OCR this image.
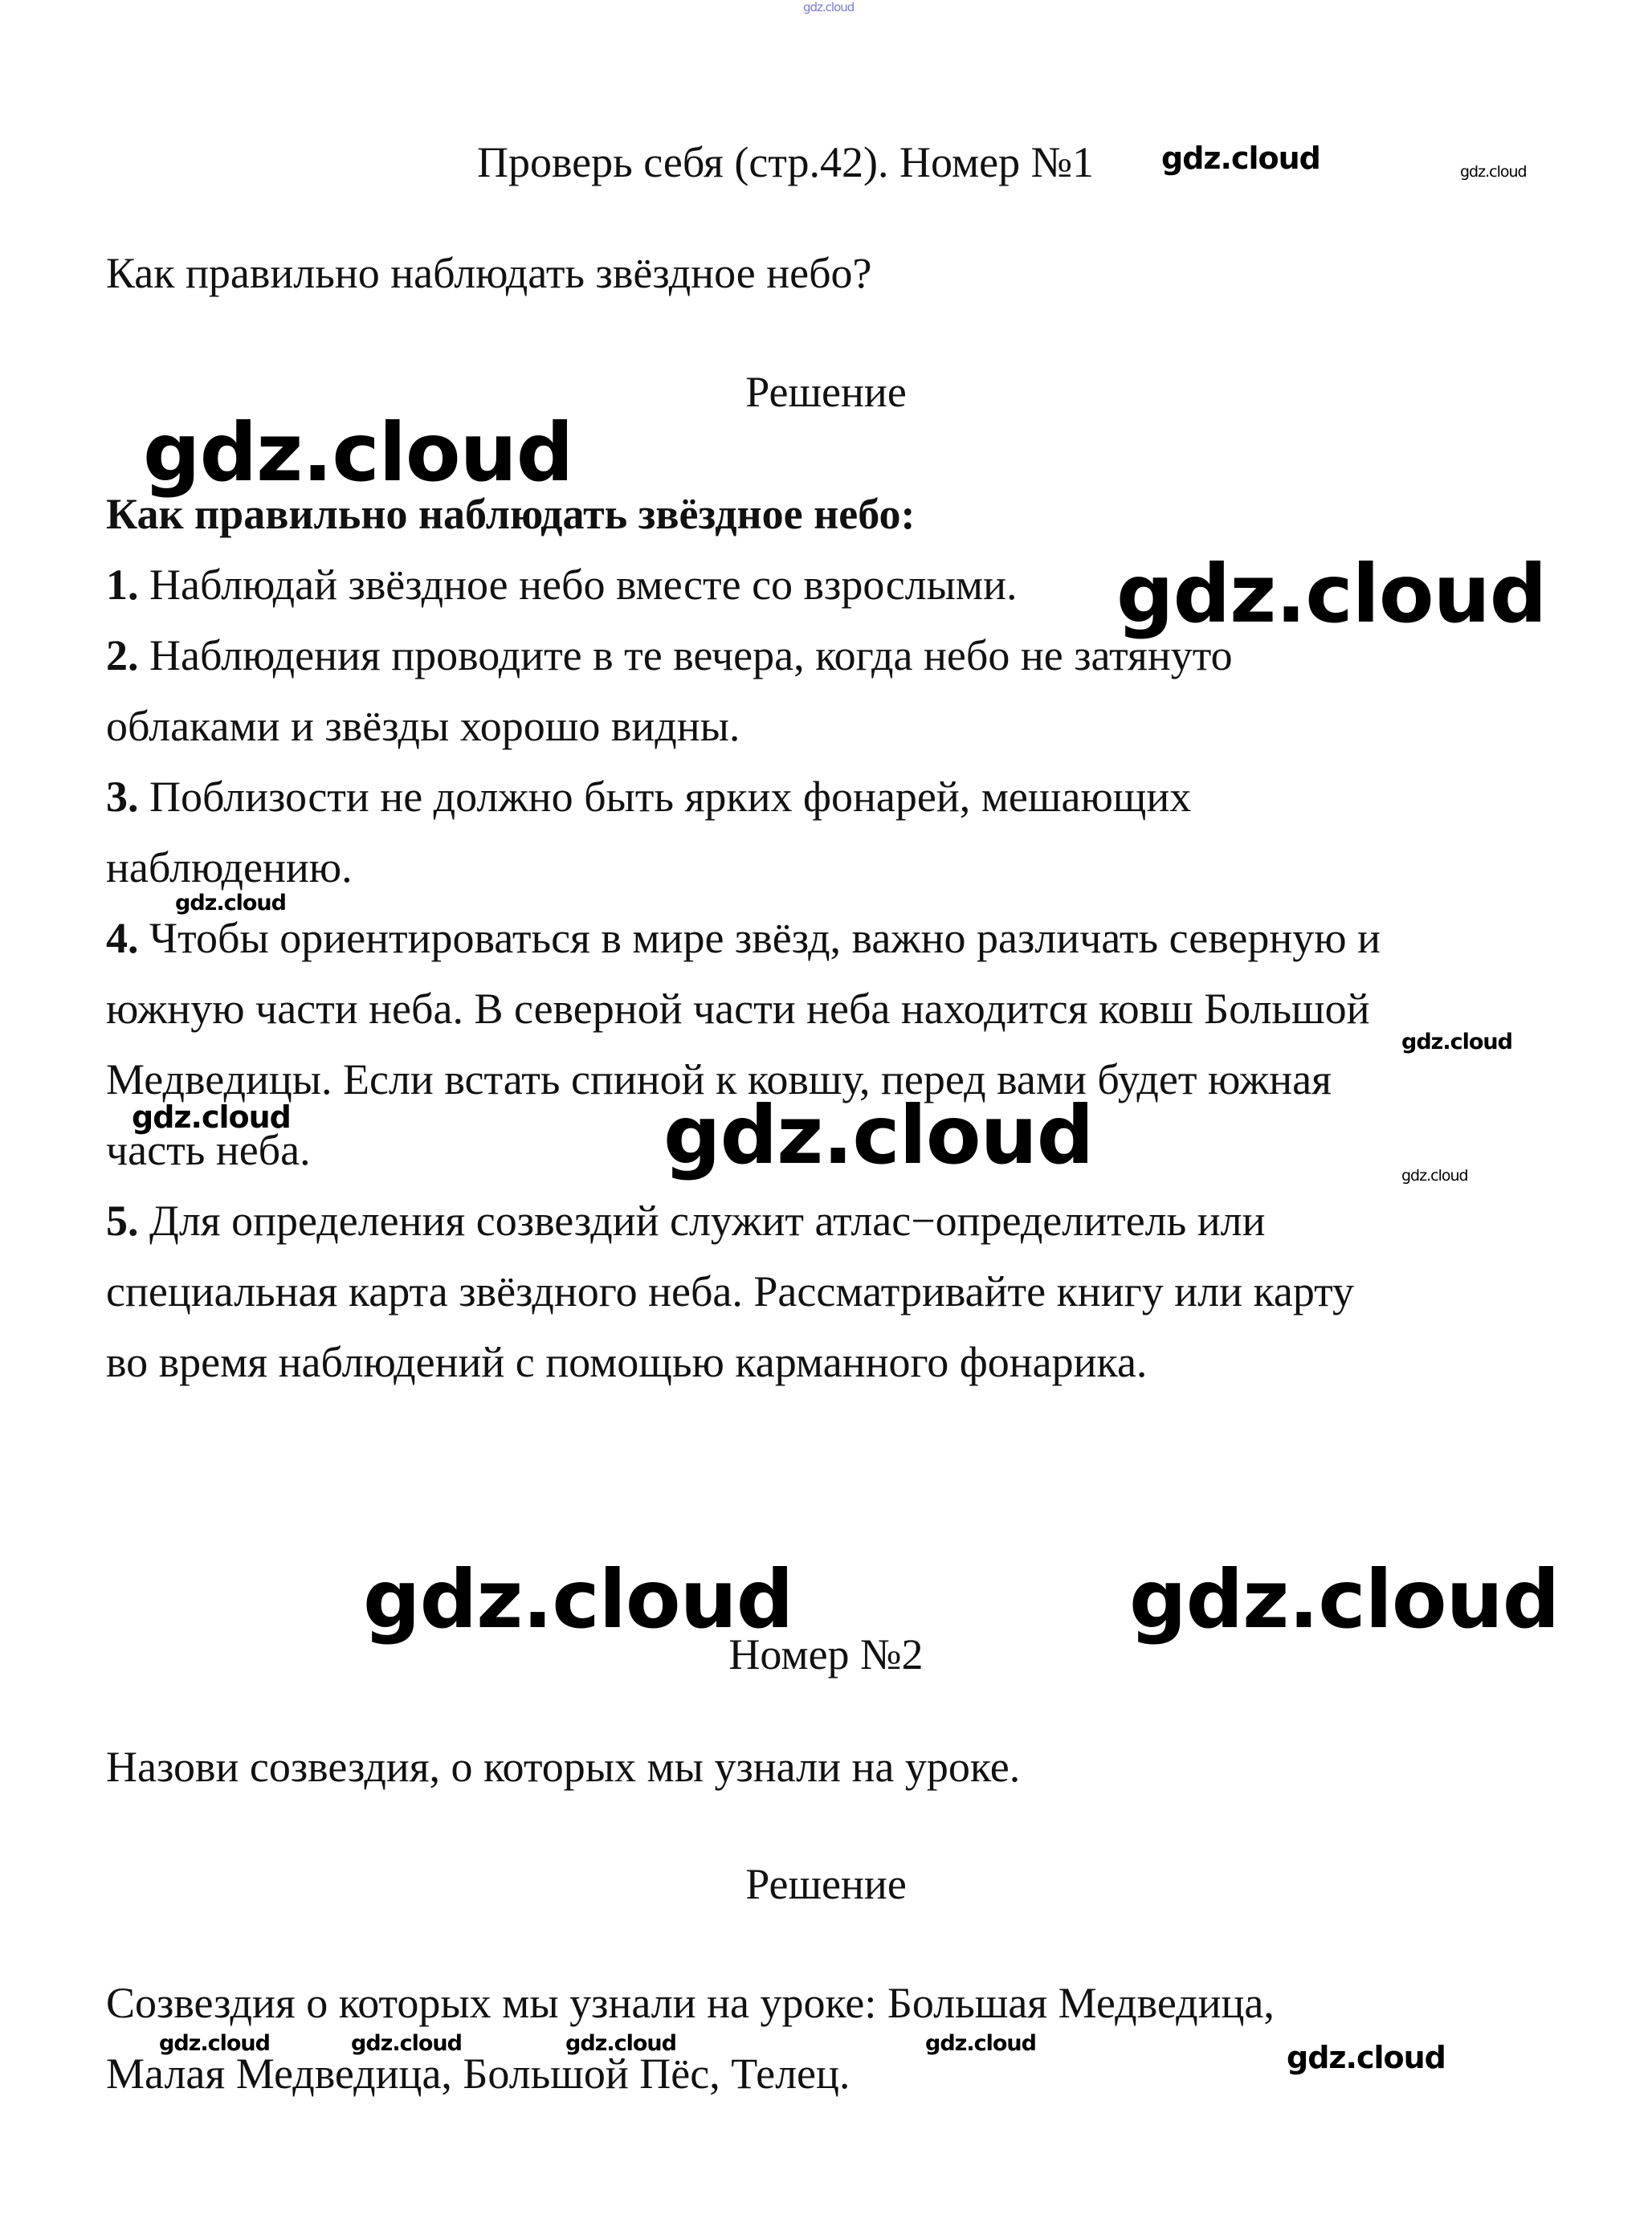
gdz.cloud
gdz.cloud	gdz.cloud
gdz.cloud
gdz.cloud
gdz.cloud
gdz.cloud
gdz.cloud	gdz.cloud	gdz.cloud
gdz.cloud	gdz.cloud
gdz.cloud	gdz.cloud	gdz.cloud	gdz.cloud	gdz.cloud
Проверь себя (стр.42). Номер №1
Как правильно наблюдать звёздное небо?
Решение
Как правильно наблюдать звёздное небо:
1. Наблюдай звёздное небо вместе со взрослыми.
2. Наблюдения проводите в те вечера, когда небо не затянуто
облаками и звёзды хорошо видны.
3. Поблизости не должно быть ярких фонарей, мешающих
наблюдению.
4. Чтобы ориентироваться в мире звёзд, важно различать северную и
южную части неба. В северной части неба находится ковш Большой
Медведицы. Если встать спиной к ковшу, перед вами будет южная
часть неба.
5. Для определения созвездий служит атлас−определитель или
специальная карта звёздного неба. Рассматривайте книгу или карту
во время наблюдений с помощью карманного фонарика.
Номер №2
Назови созвездия, о которых мы узнали на уроке.
Решение
Созвездия о которых мы узнали на уроке: Большая Медведица,
Малая Медведица, Большой Пёс, Телец.
